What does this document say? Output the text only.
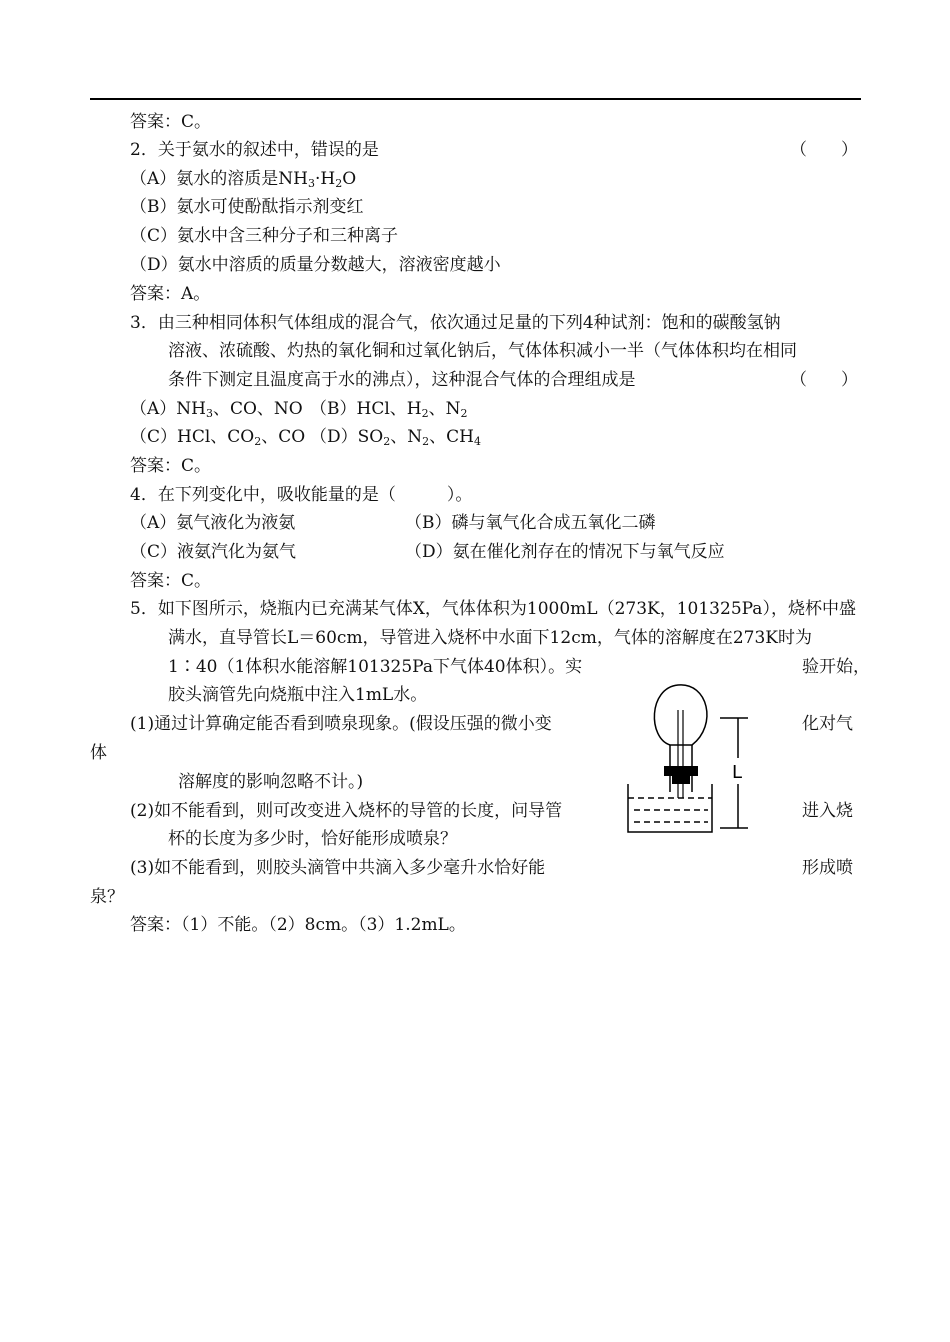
答案：C。
2．关于氨水的叙述中，错误的是	（　　）
（A）氨水的溶质是$NH_3\cdot H_2O$
（B）氨水可使酚酞指示剂变红
（C）氨水中含三种分子和三种离子
（D）氨水中溶质的质量分数越大，溶液密度越小
答案：A。
3．由三种相同体积气体组成的混合气，依次通过足量的下列4种试剂：饱和的碳酸氢钠
溶液、浓硫酸、灼热的氧化铜和过氧化钠后，气体体积减小一半（气体体积均在相同
条件下测定且温度高于水的沸点），这种混合气体的合理组成是	（　　）
$(A)NH_3$、CO、NO （B）HCl、$H_2$、$N_2$
（C）HCl、$CO_2$、CO $(D)SO_2$、$N_2$、$CH_4$
答案：C。
4．在下列变化中，吸收能量的是（　　　）。
（A）氨气液化为液氨	（B）磷与氧气化合成五氧化二磷
（C）液氨汽化为氨气	（D）氨在催化剂存在的情况下与氧气反应
答案：C。
5．如下图所示，烧瓶内已充满某气体X，气体体积为1000mL（273K，101325Pa），烧杯中盛
满水，直导管长L＝60cm，导管进入烧杯中水面下12cm，气体的溶解度在273K时为
1∶40（1体积水能溶解101325Pa下气体40体积）。实	验开始，
胶头滴管先向烧瓶中注入1mL水。
(1)通过计算确定能否看到喷泉现象。(假设压强的微小变	化对气
体
溶解度的影响忽略不计。)
(2)如不能看到，则可改变进入烧杯的导管的长度，问导管	进入烧
杯的长度为多少时，恰好能形成喷泉？
(3)如不能看到，则胶头滴管中共滴入多少毫升水恰好能	形成喷
泉？
答案：（1）不能。（2）8cm。（3）1.2mL。
L
